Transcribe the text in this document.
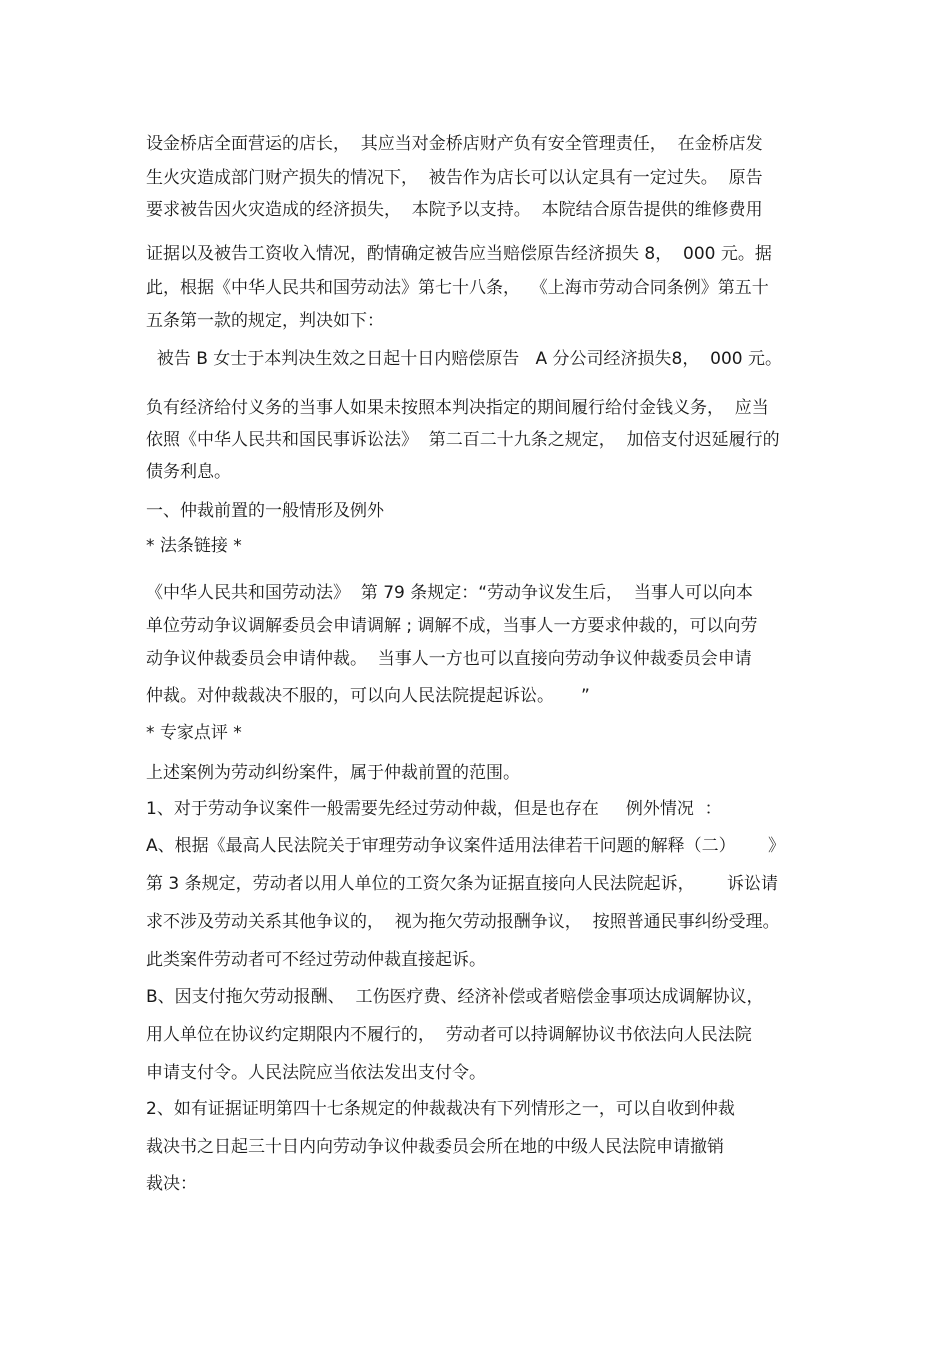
设金桥店全面营运的店长，  其应当对金桥店财产负有安全管理责任，  在金桥店发

生火灾造成部门财产损失的情况下，  被告作为店长可以认定具有一定过失。  原告

要求被告因火灾造成的经济损失，  本院予以支持。  本院结合原告提供的维修费用

证据以及被告工资收入情况，酌情确定被告应当赔偿原告经济损失 8，  000 元。据

此，根据《中华人民共和国劳动法》第七十八条，  《上海市劳动合同条例》第五十

五条第一款的规定，判决如下：

被告 B 女士于本判决生效之日起十日内赔偿原告   A 分公司经济损失8，  000 元。

负有经济给付义务的当事人如果未按照本判决指定的期间履行给付金钱义务，  应当

依照《中华人民共和国民事诉讼法》  第二百二十九条之规定，  加倍支付迟延履行的

债务利息。

一、仲裁前置的一般情形及例外

* 法条链接 *

《中华人民共和国劳动法》  第 79 条规定：“劳动争议发生后，  当事人可以向本

单位劳动争议调解委员会申请调解 ; 调解不成，当事人一方要求仲裁的，可以向劳

动争议仲裁委员会申请仲裁。  当事人一方也可以直接向劳动争议仲裁委员会申请

仲裁。对仲裁裁决不服的，可以向人民法院提起诉讼。     ”

* 专家点评 *

上述案例为劳动纠纷案件，属于仲裁前置的范围。

1、对于劳动争议案件一般需要先经过劳动仲裁，但是也存在     例外情况  ：

A、根据《最高人民法院关于审理劳动争议案件适用法律若干问题的解释（二）      》

第 3 条规定，劳动者以用人单位的工资欠条为证据直接向人民法院起诉，      诉讼请

求不涉及劳动关系其他争议的，  视为拖欠劳动报酬争议，  按照普通民事纠纷受理。

此类案件劳动者可不经过劳动仲裁直接起诉。

B、因支付拖欠劳动报酬、  工伤医疗费、经济补偿或者赔偿金事项达成调解协议，

用人单位在协议约定期限内不履行的，  劳动者可以持调解协议书依法向人民法院

申请支付令。人民法院应当依法发出支付令。

2、如有证据证明第四十七条规定的仲裁裁决有下列情形之一，可以自收到仲裁

裁决书之日起三十日内向劳动争议仲裁委员会所在地的中级人民法院申请撤销

裁决：
